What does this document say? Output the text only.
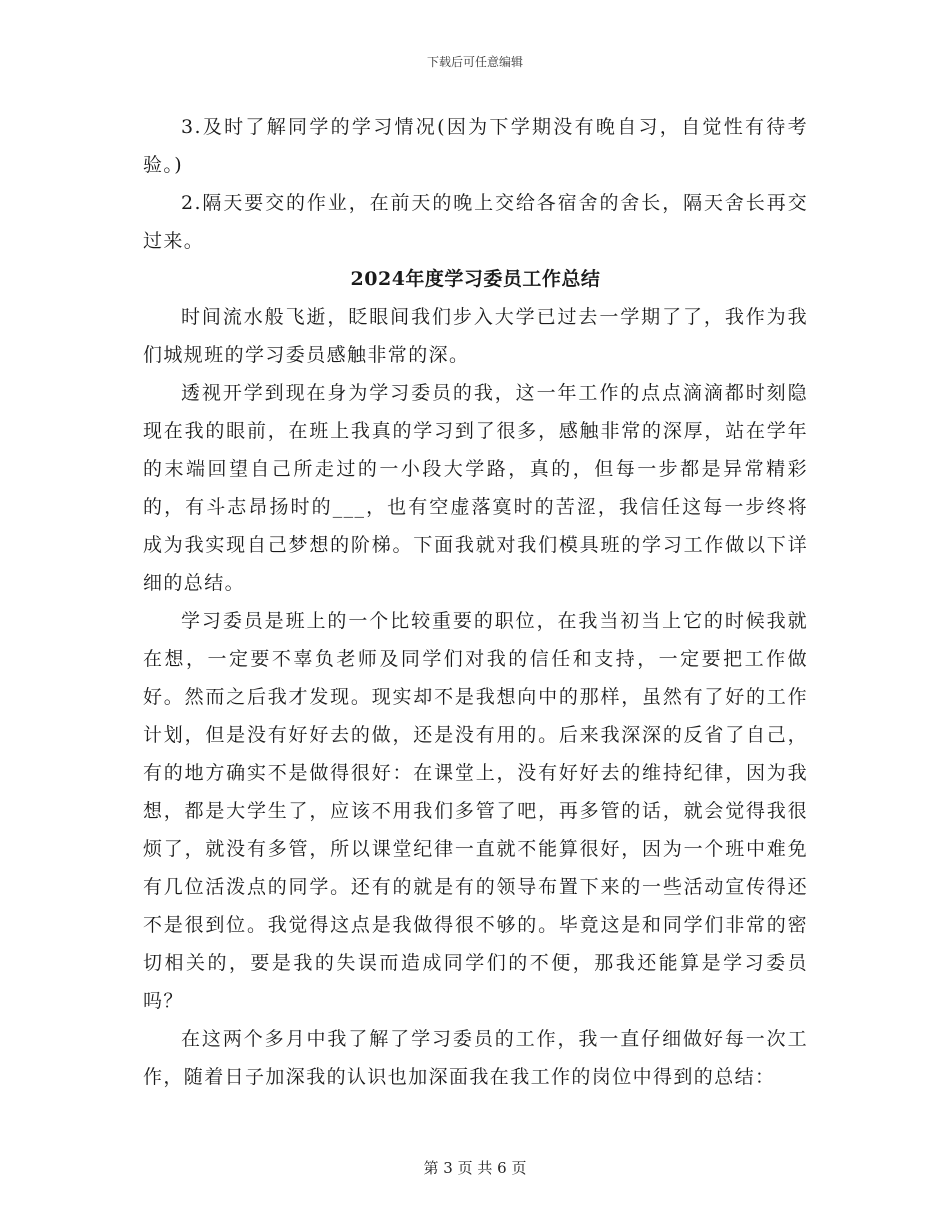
下载后可任意编辑

3.及时了解同学的学习情况(因为下学期没有晚自习，自觉性有待考验。)

2.隔天要交的作业，在前天的晚上交给各宿舍的舍长，隔天舍长再交过来。

2024年度学习委员工作总结

时间流水般飞逝，眨眼间我们步入大学已过去一学期了了，我作为我们城规班的学习委员感触非常的深。

透视开学到现在身为学习委员的我，这一年工作的点点滴滴都时刻隐现在我的眼前，在班上我真的学习到了很多，感触非常的深厚，站在学年的末端回望自己所走过的一小段大学路，真的，但每一步都是异常精彩的，有斗志昂扬时的___，也有空虚落寞时的苦涩，我信任这每一步终将成为我实现自己梦想的阶梯。下面我就对我们模具班的学习工作做以下详细的总结。

学习委员是班上的一个比较重要的职位，在我当初当上它的时候我就在想，一定要不辜负老师及同学们对我的信任和支持，一定要把工作做好。然而之后我才发现。现实却不是我想向中的那样，虽然有了好的工作计划，但是没有好好去的做，还是没有用的。后来我深深的反省了自己，有的地方确实不是做得很好：在课堂上，没有好好去的维持纪律，因为我想，都是大学生了，应该不用我们多管了吧，再多管的话，就会觉得我很烦了，就没有多管，所以课堂纪律一直就不能算很好，因为一个班中难免有几位活泼点的同学。还有的就是有的领导布置下来的一些活动宣传得还不是很到位。我觉得这点是我做得很不够的。毕竟这是和同学们非常的密切相关的，要是我的失误而造成同学们的不便，那我还能算是学习委员吗？

在这两个多月中我了解了学习委员的工作，我一直仔细做好每一次工作，随着日子加深我的认识也加深面我在我工作的岗位中得到的总结：

第 3 页 共 6 页
